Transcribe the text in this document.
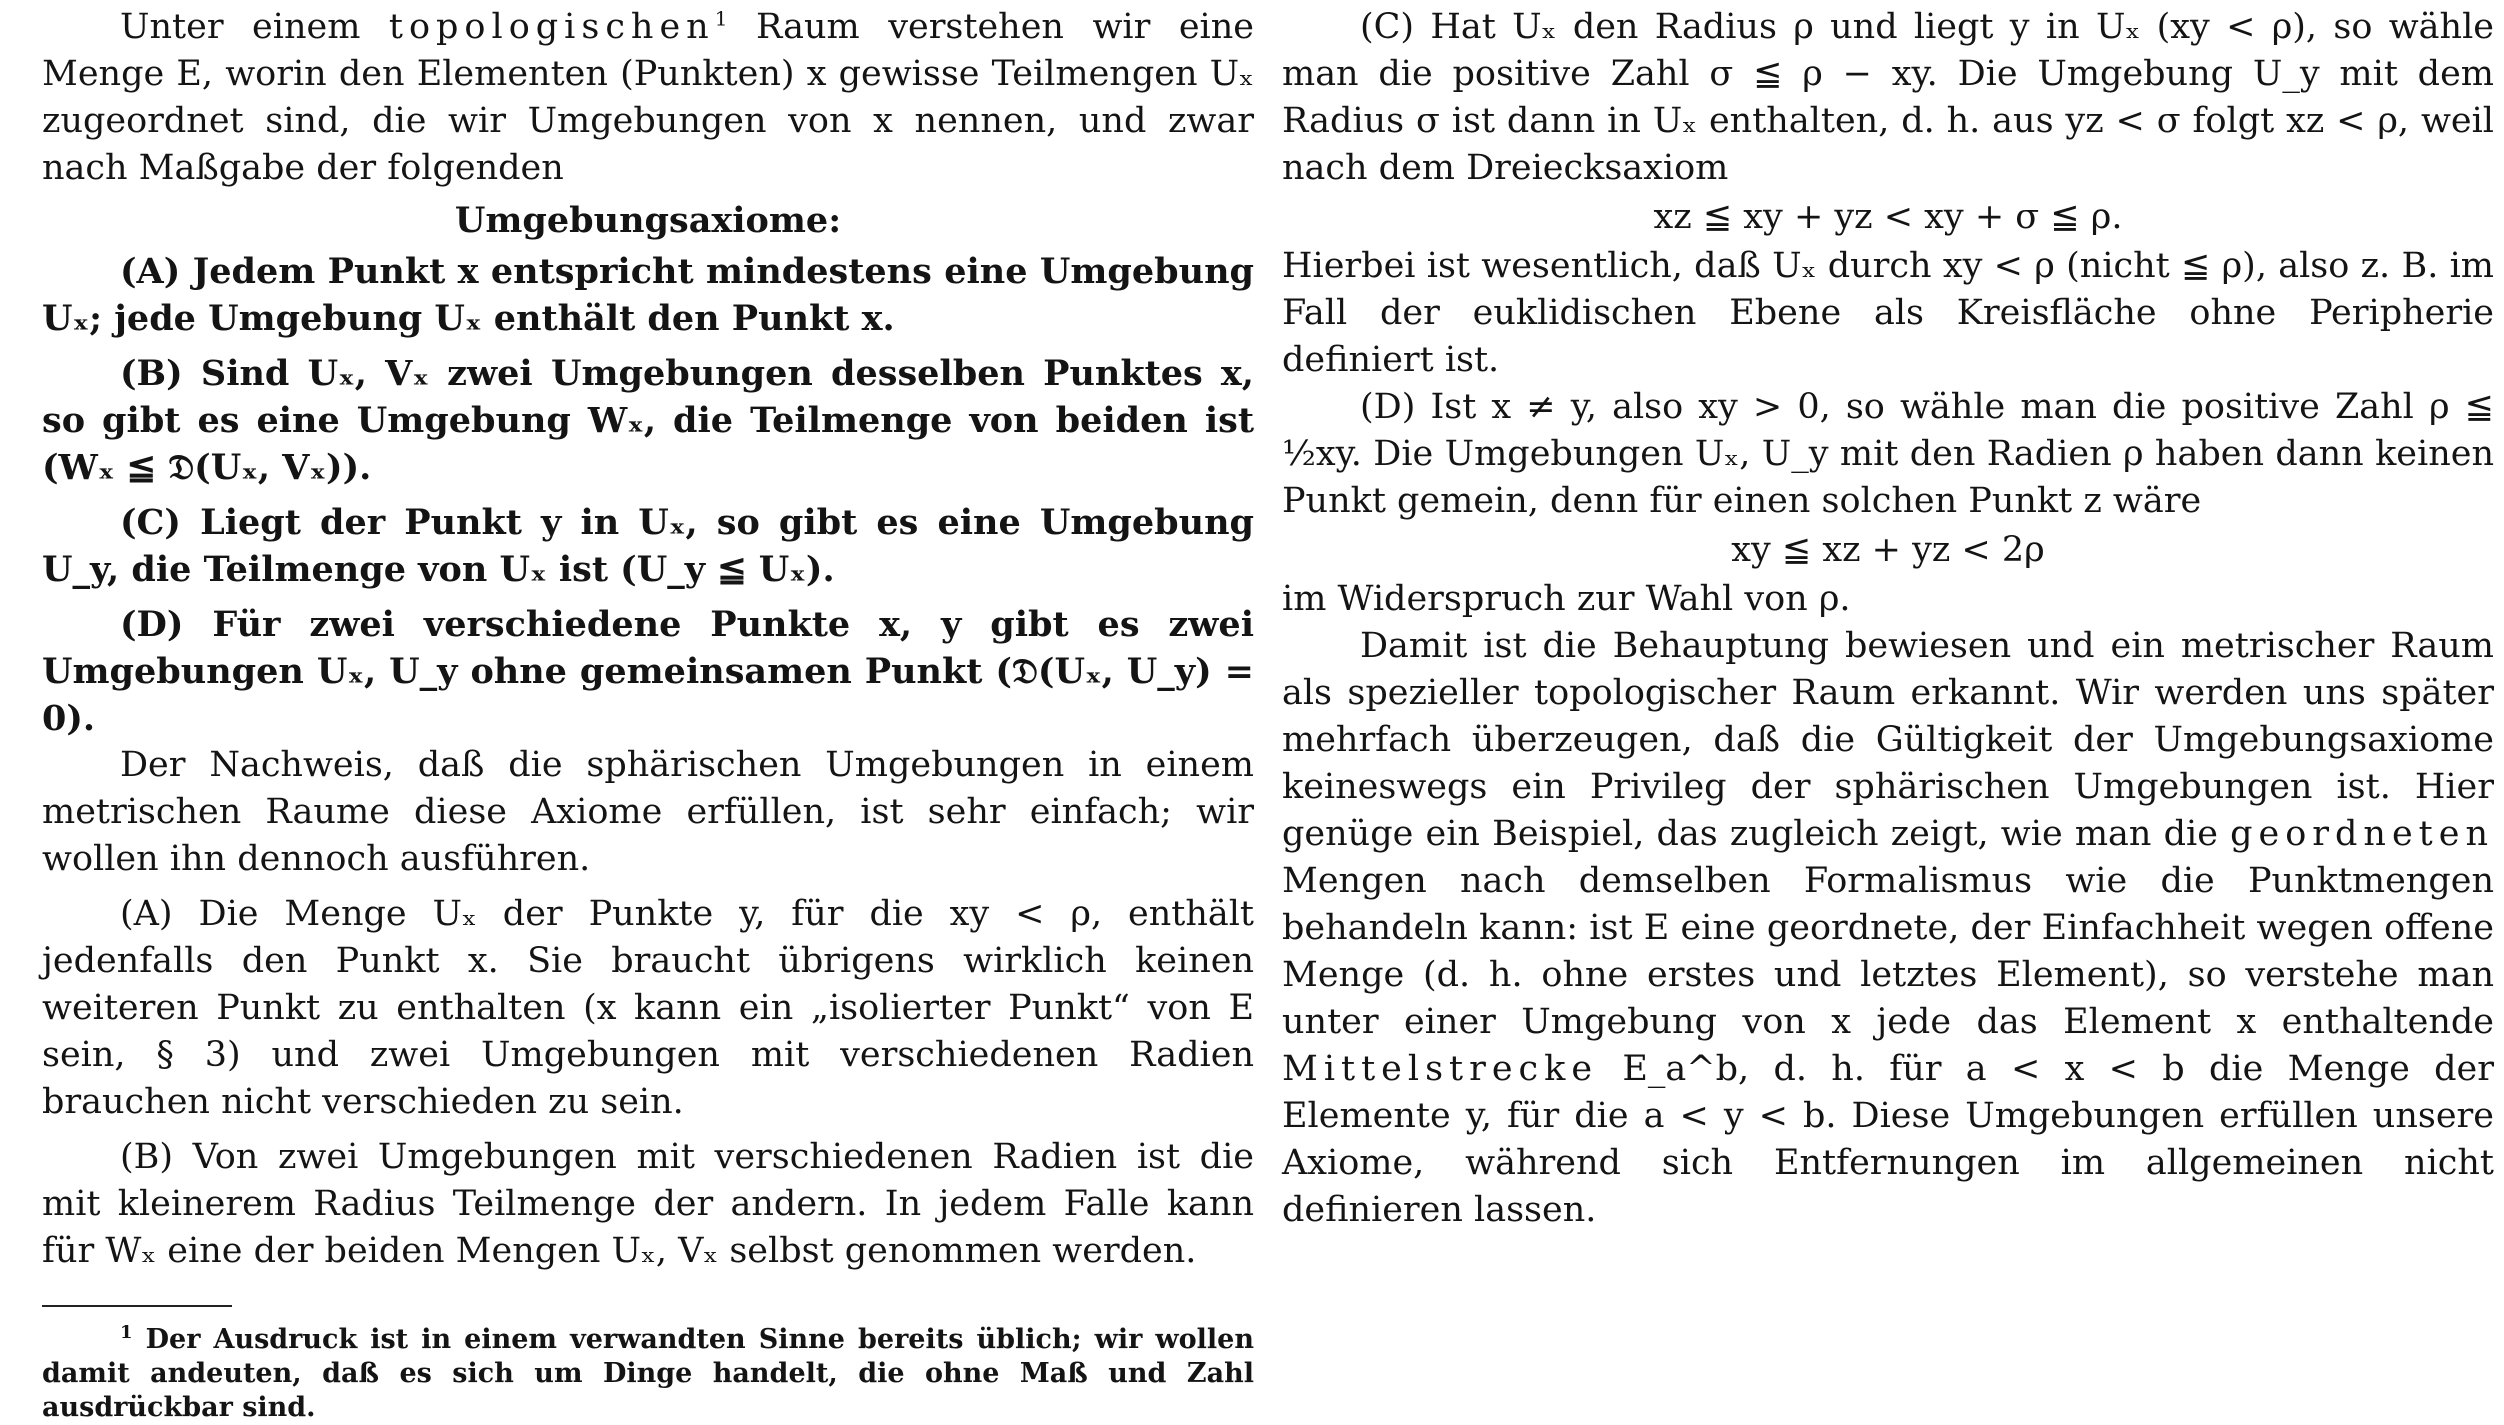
Unter einem topologischen$^1$ Raum verstehen wir eine Menge E, worin den Elementen (Punkten) x gewisse Teilmengen Uₓ zugeordnet sind, die wir Umgebungen von x nennen, und zwar nach Maßgabe der folgenden

Umgebungsaxiome:

(A) Jedem Punkt x entspricht mindestens eine Umgebung Uₓ; jede Umgebung Uₓ enthält den Punkt x.

(B) Sind Uₓ, Vₓ zwei Umgebungen desselben Punktes x, so gibt es eine Umgebung Wₓ, die Teilmenge von beiden ist (Wₓ ≦ 𝔇(Uₓ, Vₓ)).

(C) Liegt der Punkt y in Uₓ, so gibt es eine Umgebung U_y, die Teilmenge von Uₓ ist (U_y ≦ Uₓ).

(D) Für zwei verschiedene Punkte x, y gibt es zwei Umgebungen Uₓ, U_y ohne gemeinsamen Punkt (𝔇(Uₓ, U_y) = 0).

Der Nachweis, daß die sphärischen Umgebungen in einem metrischen Raume diese Axiome erfüllen, ist sehr einfach; wir wollen ihn dennoch ausführen.

(A) Die Menge Uₓ der Punkte y, für die xy < ρ, enthält jedenfalls den Punkt x. Sie braucht übrigens wirklich keinen weiteren Punkt zu enthalten (x kann ein „isolierter Punkt“ von E sein, § 3) und zwei Umgebungen mit verschiedenen Radien brauchen nicht verschieden zu sein.

(B) Von zwei Umgebungen mit verschiedenen Radien ist die mit kleinerem Radius Teilmenge der andern. In jedem Falle kann für Wₓ eine der beiden Mengen Uₓ, Vₓ selbst genommen werden.

$^1$ Der Ausdruck ist in einem verwandten Sinne bereits üblich; wir wollen damit andeuten, daß es sich um Dinge handelt, die ohne Maß und Zahl ausdrückbar sind.

(C) Hat Uₓ den Radius ρ und liegt y in Uₓ (xy < ρ), so wähle man die positive Zahl σ ≦ ρ − xy. Die Umgebung U_y mit dem Radius σ ist dann in Uₓ enthalten, d. h. aus yz < σ folgt xz < ρ, weil nach dem Dreiecksaxiom

xz ≦ xy + yz < xy + σ ≦ ρ.

Hierbei ist wesentlich, daß Uₓ durch xy < ρ (nicht ≦ ρ), also z. B. im Fall der euklidischen Ebene als Kreisfläche ohne Peripherie definiert ist.

(D) Ist x ≠ y, also xy > 0, so wähle man die positive Zahl ρ ≦ ½xy. Die Umgebungen Uₓ, U_y mit den Radien ρ haben dann keinen Punkt gemein, denn für einen solchen Punkt z wäre

xy ≦ xz + yz < 2ρ

im Widerspruch zur Wahl von ρ.

Damit ist die Behauptung bewiesen und ein metrischer Raum als spezieller topologischer Raum erkannt. Wir werden uns später mehrfach überzeugen, daß die Gültigkeit der Umgebungsaxiome keineswegs ein Privileg der sphärischen Umgebungen ist. Hier genüge ein Beispiel, das zugleich zeigt, wie man die geordneten Mengen nach demselben Formalismus wie die Punktmengen behandeln kann: ist E eine geordnete, der Einfachheit wegen offene Menge (d. h. ohne erstes und letztes Element), so verstehe man unter einer Umgebung von x jede das Element x enthaltende Mittelstrecke E_a^b, d. h. für a < x < b die Menge der Elemente y, für die a < y < b. Diese Umgebungen erfüllen unsere Axiome, während sich Entfernungen im allgemeinen nicht definieren lassen.
